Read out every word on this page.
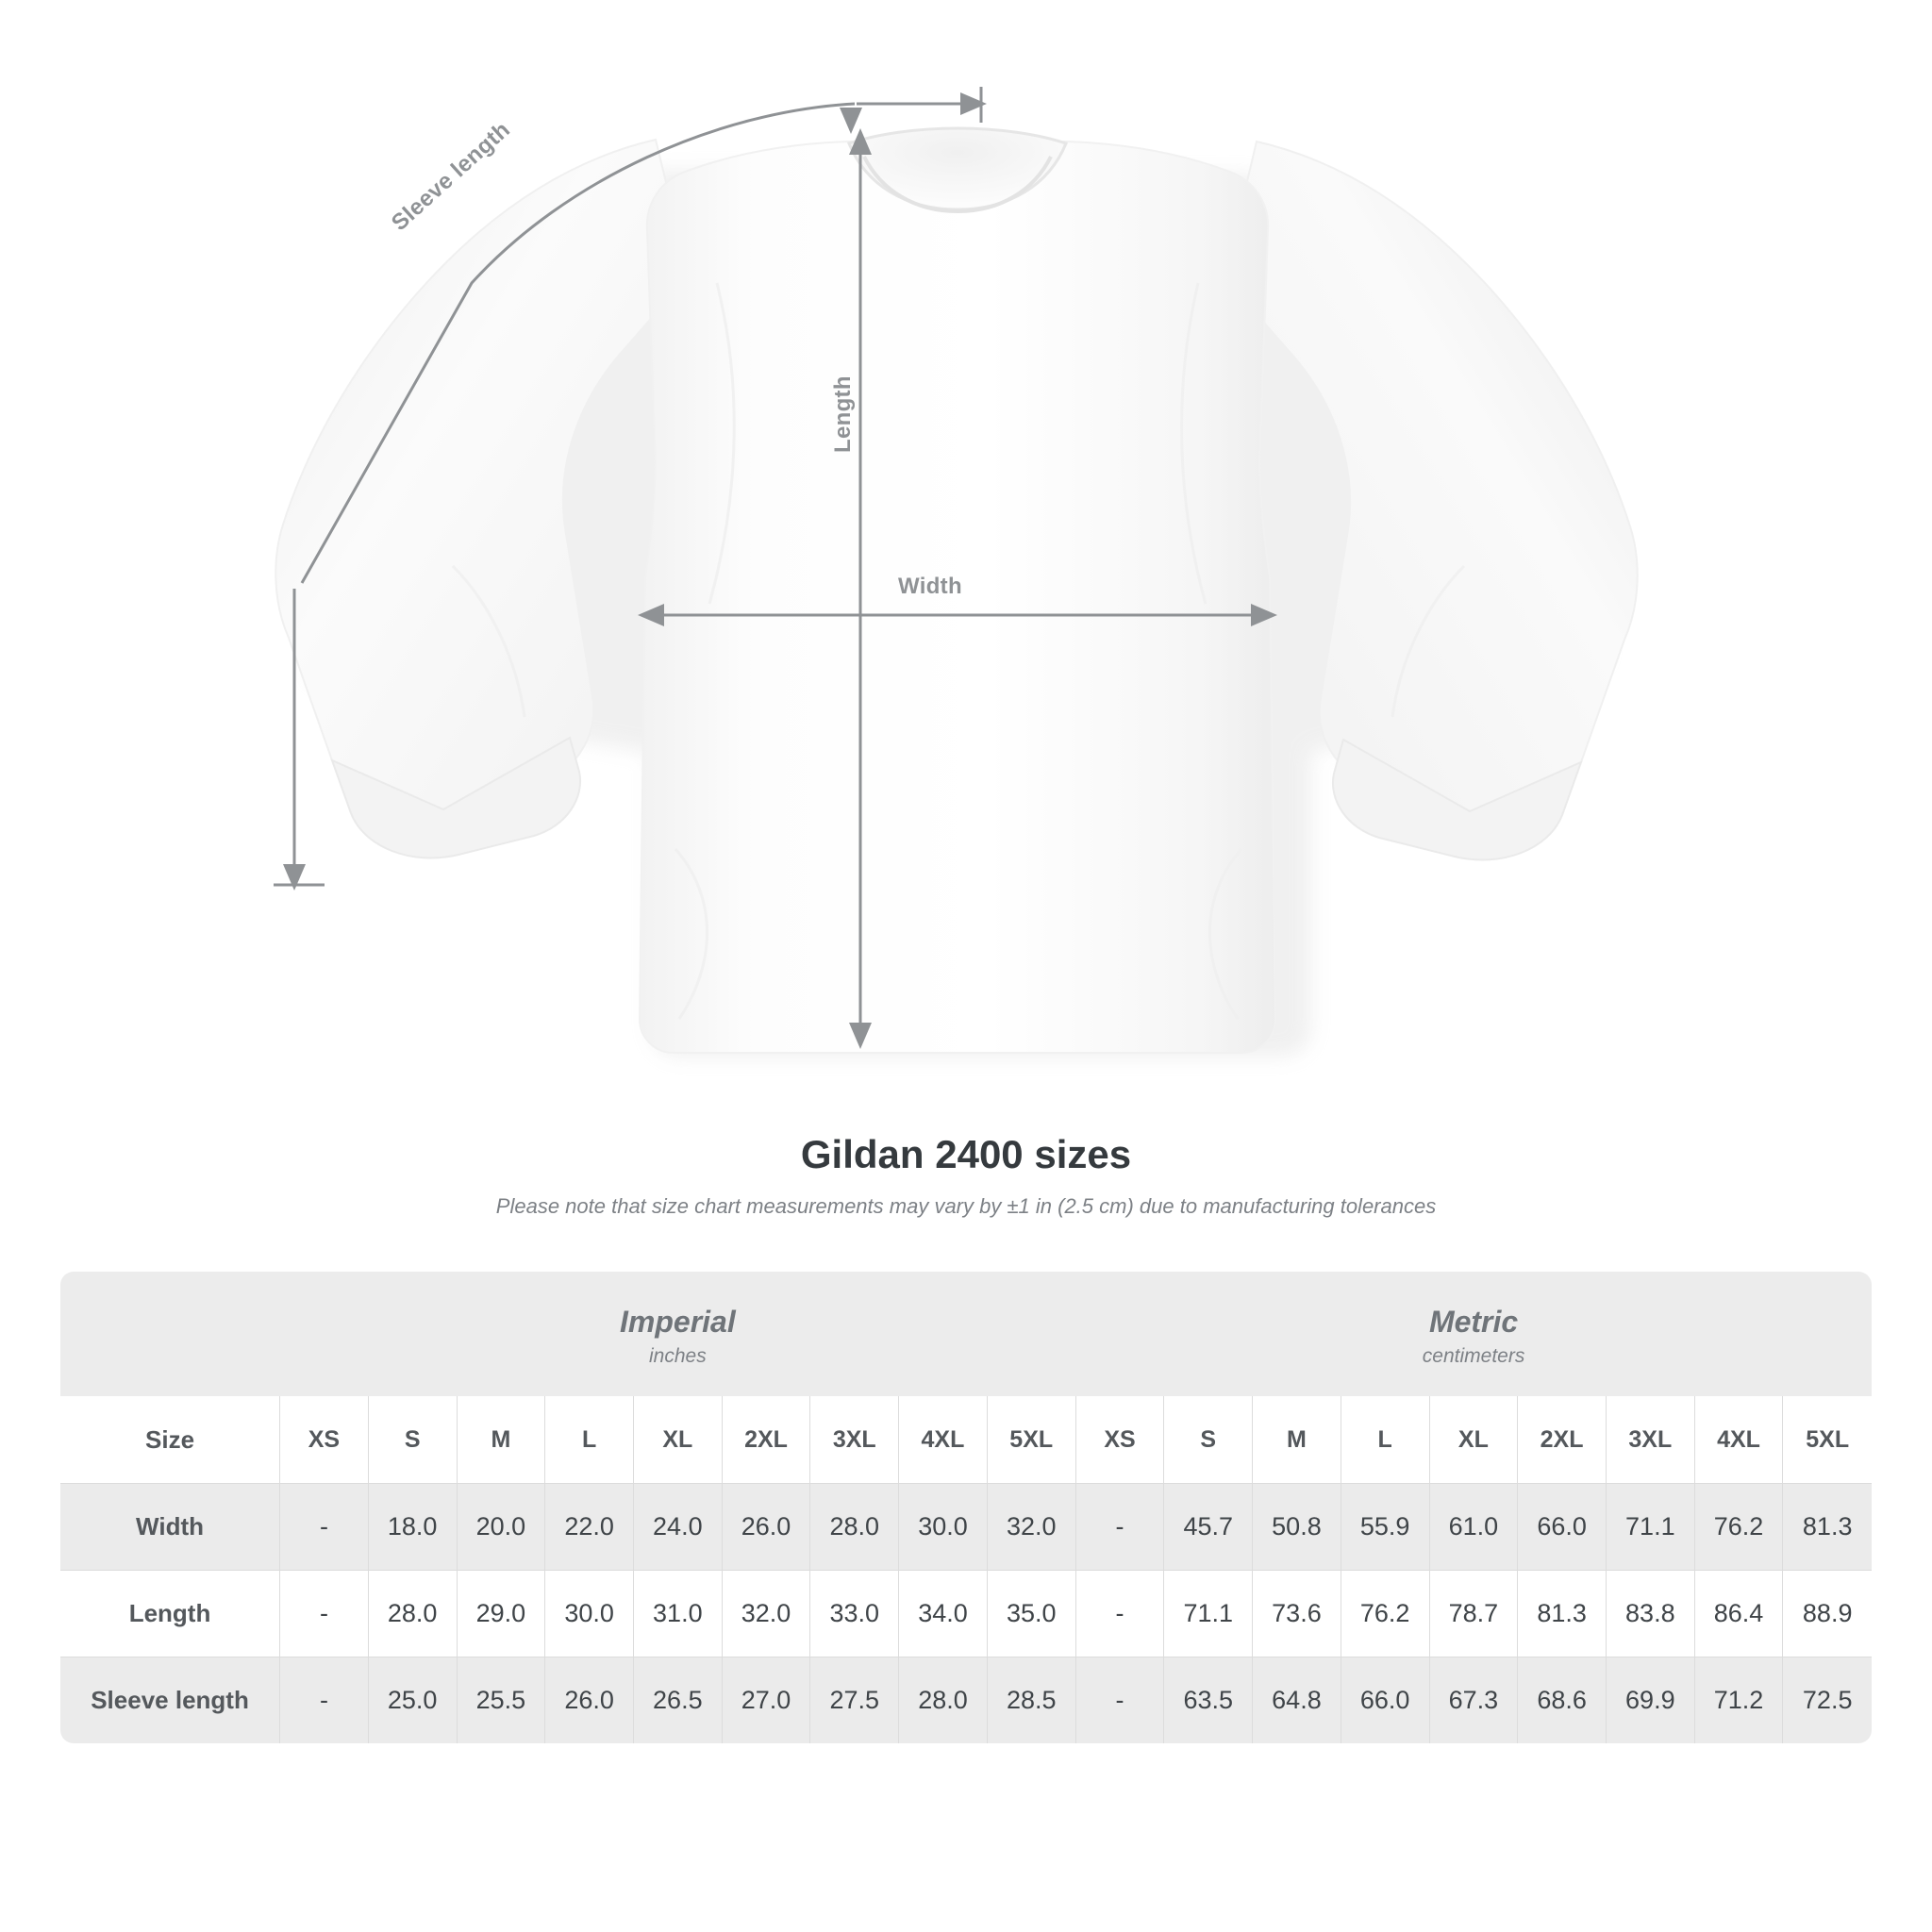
Width
Length
Sleeve length
Gildan 2400 sizes

Please note that size chart measurements may vary by ±1 in (2.5 cm) due to manufacturing tolerances

Imperial
inches

Metric
centimeters

Size	XS	S	M	L	XL	2XL	3XL	4XL	5XL	XS	S	M	L	XL	2XL	3XL	4XL	5XL
Width	-	18.0	20.0	22.0	24.0	26.0	28.0	30.0	32.0	-	45.7	50.8	55.9	61.0	66.0	71.1	76.2	81.3
Length	-	28.0	29.0	30.0	31.0	32.0	33.0	34.0	35.0	-	71.1	73.6	76.2	78.7	81.3	83.8	86.4	88.9
Sleeve length	-	25.0	25.5	26.0	26.5	27.0	27.5	28.0	28.5	-	63.5	64.8	66.0	67.3	68.6	69.9	71.2	72.5
